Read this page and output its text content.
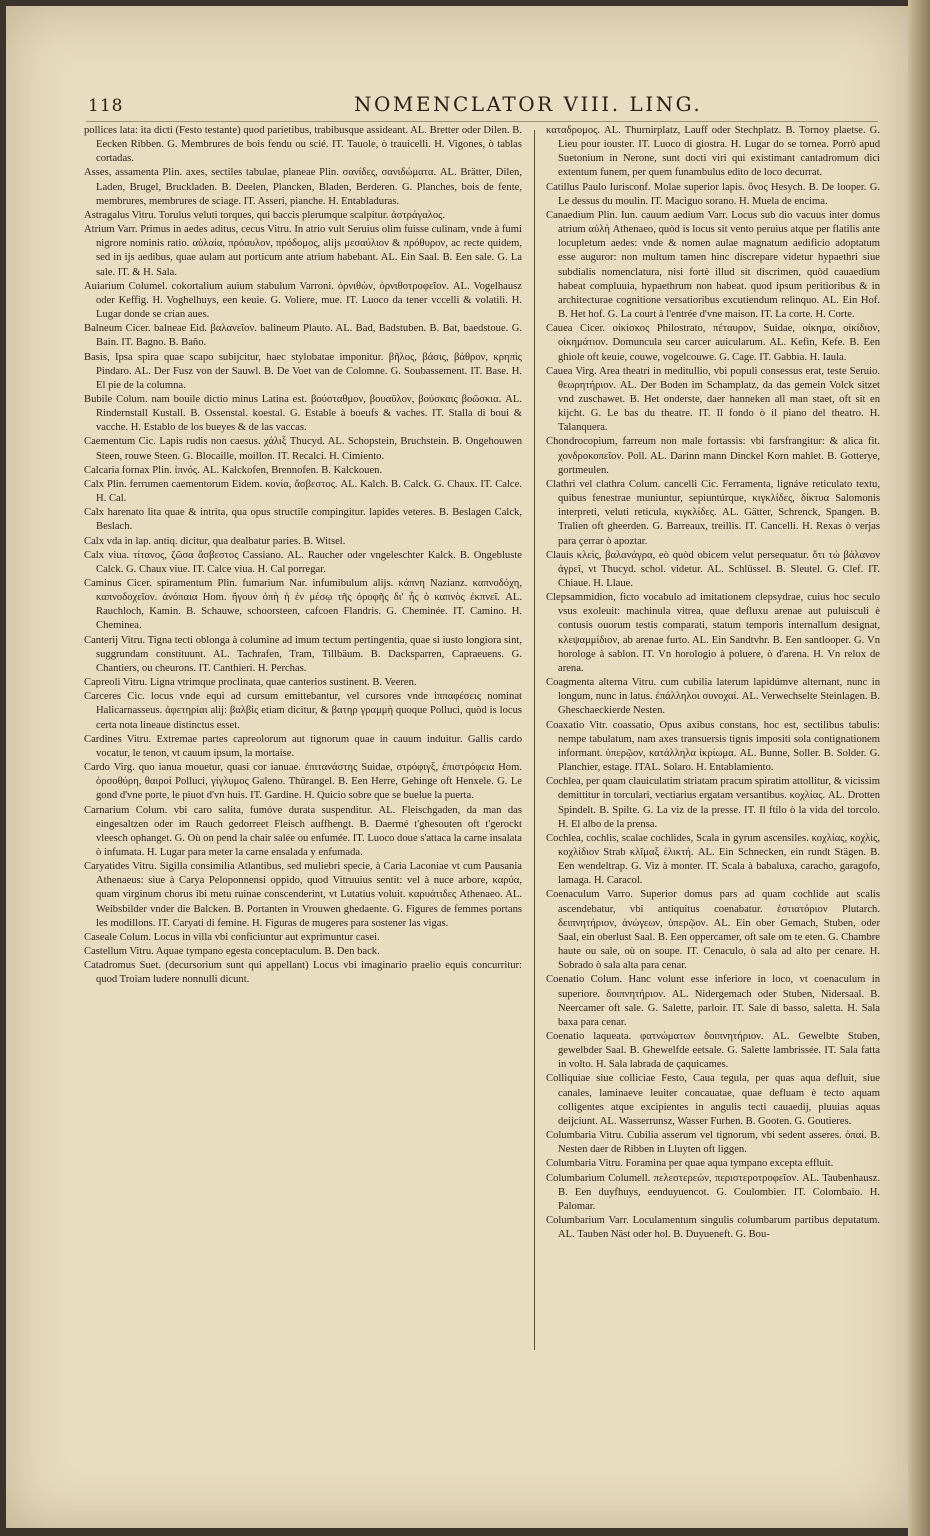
118	NOMENCLATOR VIII. LING.

pollices lata: ita dicti (Festo testante) quod parietibus, trabibusque assideant. AL. Bretter oder Dilen. B. Eecken Ribben. G. Membrures de bois fendu ou scié. IT. Tauole, ò trauicelli. H. Vigones, ò tablas cortadas.

Asses, assamenta Plin. axes, sectiles tabulae, planeae Plin. σανίδες, σανιδώματα. AL. Brätter, Dilen, Laden, Brugel, Bruckladen. B. Deelen, Plancken, Bladen, Berderen. G. Planches, bois de fente, membrures, membrures de sciage. IT. Asseri, pianche. H. Entabladuras.

Astragalus Vitru. Torulus veluti torques, qui baccis plerumque scalpitur. ἀστράγαλος.

Atrium Varr. Primus in aedes aditus, cecus Vitru. In atrio vult Seruius olim fuisse culinam, vnde à fumi nigrore nominis ratio. αὐλαία, πρόαυλον, πρόδομος, alijs μεσαύλιον & πρόθυρον, ac recte quidem, sed in ijs aedibus, quae aulam aut porticum ante atrium habebant. AL. Ein Saal. B. Een sale. G. La sale. IT. & H. Sala.

Auiarium Columel. cokortalium auium stabulum Varroni. ὀρνιθὼν, ὀρνιθοτροφεῖον. AL. Vogelhausz oder Keffig. H. Voghelhuys, een keuie. G. Voliere, mue. IT. Luoco da tener vccelli & volatili. H. Lugar donde se crian aues.

Balneum Cicer. balneae Eid. βαλανεῖον. balineum Plauto. AL. Bad, Badstuben. B. Bat, baedstoue. G. Bain. IT. Bagno. B. Baño.

Basis, Ipsa spira quae scapo subijcitur, haec stylobatae imponitur. βῆλος, βάσις, βάθρον, κρηπὶς Pindaro. AL. Der Fusz von der Sauwl. B. De Voet van de Colomne. G. Soubassement. IT. Base. H. El pie de la columna.

Bubile Colum. nam bouile dictio minus Latina est. βούσταθμον, βουαῦλον, βούσκαις βοῶσκια. AL. Rindernstall Kustall. B. Ossenstal. koestal. G. Estable à boeufs & vaches. IT. Stalla di boui & vacche. H. Establo de los bueyes & de las vaccas.

Caementum Cic. Lapis rudis non caesus. χάλιξ Thucyd. AL. Schopstein, Bruchstein. B. Ongehouwen Steen, rouwe Steen. G. Blocaille, moillon. IT. Recalci. H. Cimiento.

Calcaria fornax Plin. ἰπνός. AL. Kalckofen, Brennofen. B. Kalckouen.

Calx Plin. ferrumen caementorum Eidem. κονία, ἄσβεστος. AL. Kalch. B. Calck. G. Chaux. IT. Calce. H. Cal.

Calx harenato lita quae & intrita, qua opus structile compingitur. lapides veteres. B. Beslagen Calck, Beslach.

Calx vda in lap. antiq. dicitur, qua dealbatur paries. B. Witsel.

Calx viua. τίτανος, ζῶσα ἄσβεστος Cassiano. AL. Raucher oder vngeleschter Kalck. B. Ongebluste Calck. G. Chaux viue. IT. Calce viua. H. Cal porregar.

Caminus Cicer. spiramentum Plin. fumarium Nar. infumibulum alijs. κάπνη Nazianz. καπνοδόχη, καπνοδοχεῖον. ἀνόπαια Hom. ἤγουν ὀπὴ ἡ ἐν μέσῳ τῆς ὀροφῆς δι' ἧς ὁ καπνὸς ἐκπνεῖ. AL. Rauchloch, Kamin. B. Schauwe, schoorsteen, cafcoen Flandris. G. Cheminée. IT. Camino. H. Cheminea.

Canterij Vitru. Tigna tecti oblonga à columine ad imum tectum pertingentia, quae si iusto longiora sint, suggrundam constituunt. AL. Tachrafen, Tram, Tillbäum. B. Dacksparren, Capraeuens. G. Chantiers, ou cheurons. IT. Canthieri. H. Perchas.

Capreoli Vitru. Ligna vtrimque proclinata, quae canterios sustinent. B. Veeren.

Carceres Cic. locus vnde equi ad cursum emittebantur, vel cursores vnde ἱππαφέσεις nominat Halicarnasseus. ἀφετηρίαι alij: βαλβὶς etiam dicitur, & βατηρ γραμμὴ quoque Polluci, quòd is locus certa nota lineaue distinctus esset.

Cardines Vitru. Extremae partes capreolorum aut tignorum quae in cauum induitur. Gallis cardo vocatur, le tenon, vt cauum ipsum, la mortaise.

Cardo Virg. quo ianua mouetur, quasi cor ianuae. ἐπιτανάστης Suidae, στρόφιγξ, ἐπιστρόφεια Hom. ὀρσοθύρη, θαιροὶ Polluci, γίγλυμος Galeno. Thürangel. B. Een Herre, Gehinge oft Henxele. G. Le gond d'vne porte, le piuot d'vn huis. IT. Gardine. H. Quicio sobre que se buelue la puerta.

Carnarium Colum. vbi caro salita, fumóve durata suspenditur. AL. Fleischgaden, da man das eingesaltzen oder im Rauch gedorreet Fleisch auffhengt. B. Daermé t'ghesouten oft t'gerockt vleesch ophanget. G. Où on pend la chair salée ou enfumée. IT. Luoco doue s'attaca la carne insalata ò infumata. H. Lugar para meter la carne ensalada y enfumada.

Caryatides Vitru. Sigilla consimilia Atlantibus, sed muliebri specie, à Caria Laconiae vt cum Pausania Athenaeus: siue à Carya Peloponnensi oppido, quod Vitruuius sentit: vel à nuce arbore, καρύα, quam virginum chorus ibi metu ruinae conscenderint, vt Lutatius voluit. καρυάτιδες Athenaeo. AL. Weibsbilder vnder die Balcken. B. Portanten in Vrouwen ghedaente. G. Figures de femmes portans les modillons. IT. Caryati di femine. H. Figuras de mugeres para sostener las vigas.

Caseale Colum. Locus in villa vbi conficiuntur aut exprimuntur casei.

Castellum Vitru. Aquae tympano egesta conceptaculum. B. Den back.

Catadromus Suet. (decursorium sunt qui appellant) Locus vbi imaginario praelio equis concurritur: quod Troiam ludere nonnulli dicunt.

καταδρομος. AL. Thurnirplatz, Lauff oder Stechplatz. B. Tornoy plaetse. G. Lieu pour iouster. IT. Luoco di giostra. H. Lugar do se tornea. Porrò apud Suetonium in Nerone, sunt docti viri qui existimant cantadromum dici extentum funem, per quem funambulus edito de loco decurrat.

Catillus Paulo Iurisconf. Molae superior lapis. ὄνος Hesych. B. De looper. G. Le dessus du moulin. IT. Maciguo sorano. H. Muela de encima.

Canaedium Plin. Iun. cauum aedium Varr. Locus sub dio vacuus inter domus atrium αὐλὴ Athenaeo, quòd is locus sit vento peruius atque per flatilis ante locupletum aedes: vnde & nomen aulae magnatum aedificio adoptatum esse auguror: non multum tamen hinc discrepare videtur hypaethri siue subdialis nomenclatura, nisi fortè illud sit discrimen, quòd cauaedium habeat compluuia, hypaethrum non habeat. quod ipsum peritioribus & in architecturae cognitione versatioribus excutiendum relinquo. AL. Ein Hof. B. Het hof. G. La court à l'entrée d'vne maison. IT. La corte. H. Corte.

Cauea Cicer. οἰκίσκος Philostrato, πέταυρον, Suidae, οἰκημα, οἰκίδιον, οἰκημάτιον. Domuncula seu carcer auicularum. AL. Kefin, Kefe. B. Een ghiole oft keuie, couwe, vogelcouwe. G. Cage. IT. Gabbia. H. Iaula.

Cauea Virg. Area theatri in meditullio, vbi populi consessus erat, teste Seruio. θεωρητήριον. AL. Der Boden im Schamplatz, da das gemein Volck sitzet vnd zuschawet. B. Het onderste, daer hanneken all man staet, oft sit en kijcht. G. Le bas du theatre. IT. Il fondo ò il piano del theatro. H. Talanquera.

Chondrocopium, farreum non male fortassis: vbi farsfrangitur: & alica fit. χονδροκοπεῖον. Poll. AL. Darinn mann Dinckel Korn mahlet. B. Gotterye, gortmeulen.

Clathri vel clathra Colum. cancelli Cic. Ferramenta, lignáve reticulato textu, quibus fenestrae muniuntur, sepiuntúrque, κιγκλίδες, δίκτυα Salomonis interpreti, veluti reticula, κιγκλίδες. AL. Gätter, Schrenck, Spangen. B. Tralien oft gheerden. G. Barreaux, treillis. IT. Cancelli. H. Rexas ò verjas para çerrar ò apoztar.

Clauis κλεὶς, βαλανάγρα, eò quòd obicem velut persequatur. ὅτι τὼ βάλανον ἀγρεῖ, vt Thucyd. schol. videtur. AL. Schlüssel. B. Sleutel. G. Clef. IT. Chiaue. H. Llaue.

Clepsammidion, ficto vocabulo ad imitationem clepsydrae, cuius hoc seculo vsus exoleuit: machinula vitrea, quae defluxu arenae aut puluisculi è contusis ouorum testis comparati, statum temporis internallum designat, κλεψαμμίδιον, ab arenae furto. AL. Ein Sandtvhr. B. Een santlooper. G. Vn horologe à sablon. IT. Vn horologio à poluere, ò d'arena. H. Vn relox de arena.

Coagmenta alterna Vitru. cum cubilia laterum lapidúmve alternant, nunc in longum, nunc in latus. ἐπάλληλοι συνοχαί. AL. Verwechselte Steinlagen. B. Gheschaeckierde Nesten.

Coaxatio Vitr. coassatio, Opus axibus constans, hoc est, sectilibus tabulis: nempe tabulatum, nam axes transuersis tignis impositi sola contignationem informant. ὑπερῷον, κατάλληλα ἰκρίωμα. AL. Bunne, Soller. B. Solder. G. Planchier, estage. ITAL. Solaro. H. Entablamiento.

Cochlea, per quam clauiculatim striatam pracum spiratim attollitur, & vicissim demittitur in torculari, vectiarius ergatam versantibus. κοχλίας. AL. Drotten Spindelt. B. Spilte. G. La viz de la presse. IT. Il ftilo ò la vida del torcolo. H. El albo de la prensa.

Cochlea, cochlis, scalae cochlides, Scala in gyrum ascensiles. κοχλίας, κοχλὶς, κοχλίδιον Strab κλῖμαξ ἑλικτή. AL. Ein Schnecken, ein rundt Stägen. B. Een wendeltrap. G. Viz à monter. IT. Scala à babaluxa, caracho, garagofo, lamaga. H. Caracol.

Coenaculum Varro. Superior domus pars ad quam cochlide aut scalis ascendebatur, vbi antiquitus coenabatur. ἑστιατόριον Plutarch. δειπνητήριον, ἀνώγεων, ὑπερῷον. AL. Ein ober Gemach, Stuben, oder Saal, ein oberlust Saal. B. Een oppercamer, oft sale om te eten. G. Chambre haute ou sale, où on soupe. IT. Cenaculo, ò sala ad alto per cenare. H. Sobrado ò sala alta para cenar.

Coenatio Colum. Hanc volunt esse inferiore in loco, vt coenaculum in superiore. δοιπνητήριον. AL. Nidergemach oder Stuben, Nidersaal. B. Neercamer oft sale. G. Salette, parloir. IT. Sale di basso, saletta. H. Sala baxa para cenar.

Coenatio laqueata. φατνώματων δοιπνητήριον. AL. Gewelbte Stuben, gewelbder Saal. B. Ghewelfde eetsale. G. Salette lambrissée. IT. Sala fatta in volto. H. Sala labrada de çaquicames.

Colliquiae siue colliciae Festo, Caua tegula, per quas aqua defluit, siue canales, laminaeve leuiter concauatae, quae defluam è tecto aquam colligentes atque excipientes in angulis tecti cauaedij, pluuias aquas deijciunt. AL. Wasserrunsz, Wasser Furhen. B. Gooten. G. Goutieres.

Columbaria Vitru. Cubilia asserum vel tignorum, vbi sedent asseres. ὀπαί. B. Nesten daer de Ribben in Lluyten oft liggen.

Columbaria Vitru. Foramina per quae aqua tympano excepta effluit.

Columbarium Columell. πελεστερεών, περιστεροτροφεῖον. AL. Taubenhausz. B. Een duyfhuys, eenduyuencot. G. Coulombier. IT. Colombaio. H. Palomar.

Columbarium Varr. Loculamentum singulis columbarum partibus deputatum. AL. Tauben Näst oder hol. B. Duyueneft. G. Bou-
